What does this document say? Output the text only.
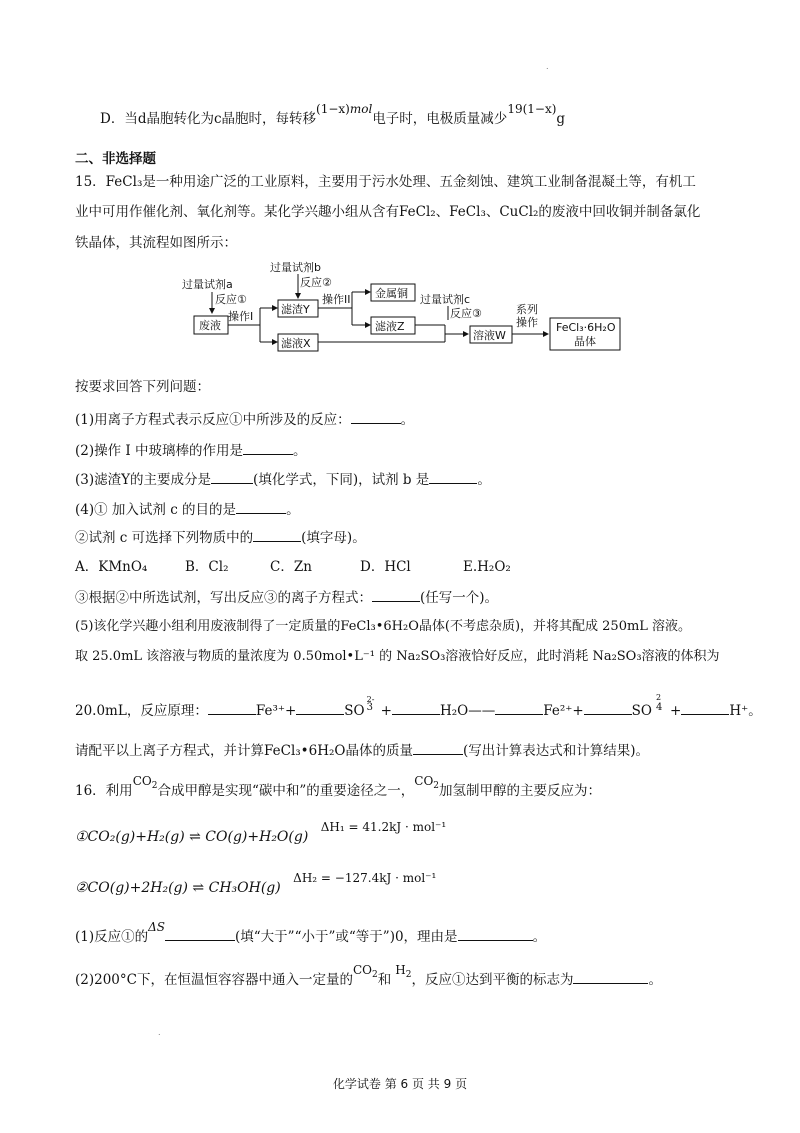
.
D．当d晶胞转化为c晶胞时，每转移(1−x)mol电子时，电极质量减少19(1−x)g
二、非选择题
15．FeCl₃是一种用途广泛的工业原料，主要用于污水处理、五金刻蚀、建筑工业制备混凝土等，有机工
业中可用作催化剂、氧化剂等。某化学兴趣小组从含有FeCl₂、FeCl₃、CuCl₂的废液中回收铜并制备氯化
铁晶体，其流程如图所示：
过量试剂a
反应①
废液
操作I
过量试剂b
反应②
滤渣Y
滤液X
操作II 金属铜
滤液Z
过量试剂c
反应③
溶液W
系列
操作 FeCl₃·6H₂O
晶体
按要求回答下列问题：
(1)用离子方程式表示反应①中所涉及的反应：	。
(2)操作 I 中玻璃棒的作用是	。
(3)滤渣Y的主要成分是	(填化学式，下同)，试剂 b 是	。
(4)① 加入试剂 c 的目的是	。
②试剂 c 可选择下列物质中的	(填字母)。
A．KMnO₄	B．Cl₂	C．Zn	D．HCl	E.H₂O₂
③根据②中所选试剂，写出反应③的离子方程式：	(任写一个)。
(5)该化学兴趣小组利用废液制得了一定质量的FeCl₃•6H₂O晶体(不考虑杂质)，并将其配成 250mL 溶液。
取 25.0mL 该溶液与物质的量浓度为 0.50mol•L⁻¹ 的 Na₂SO₃溶液恰好反应，此时消耗 Na₂SO₃溶液的体积为
20.0mL，反应原理：	Fe³⁺+	SO
2-
3 +	H₂O——	Fe²⁺+	SO
2
4 +	H⁺。
请配平以上离子方程式，并计算FeCl₃•6H₂O晶体的质量	(写出计算表达式和计算结果)。
16．利用$CO_2$合成甲醇是实现“碳中和”的重要途径之一，$CO_2$加氢制甲醇的主要反应为：
①CO₂(g)+H₂(g) ⇌ CO(g)+H₂O(g) ΔH₁ = 41.2kJ · mol⁻¹
②CO(g)+2H₂(g) ⇌ CH₃OH(g) ΔH₂ = −127.4kJ · mol⁻¹
(1)反应①的ΔS(填“大于”“小于”或“等于”)0，理由是	。
(2)200°C下，在恒温恒容容器中通入一定量的$CO_2$和$H_2$，反应①达到平衡的标志为	。
.
化学试卷 第 6 页 共 9 页
